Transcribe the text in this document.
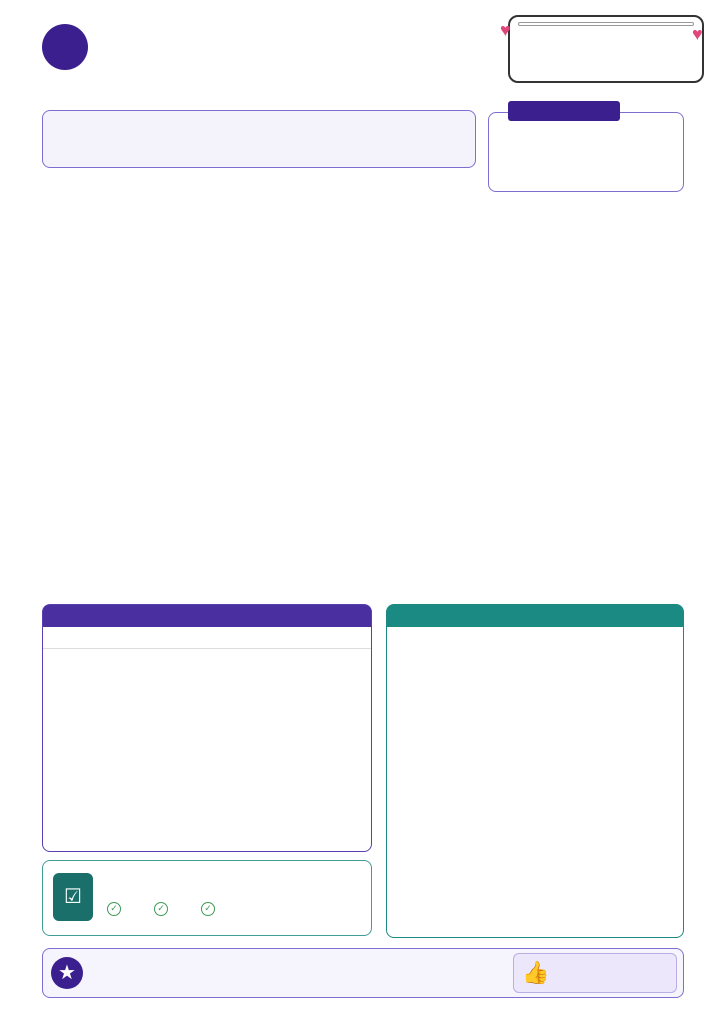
♥	♥
☑
✓	✓	✓
★	👍
